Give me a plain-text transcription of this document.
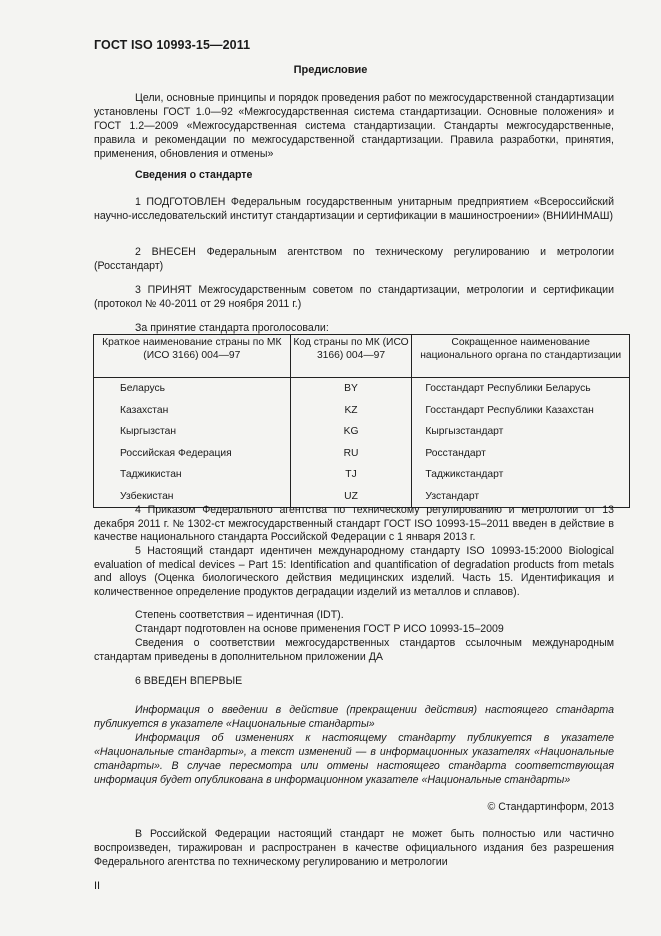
ГОСТ ISO 10993-15—2011
Предисловие
Цели, основные принципы и порядок проведения работ по межгосударственной стандартизации установлены ГОСТ 1.0—92 «Межгосударственная система стандартизации. Основные положения» и ГОСТ 1.2—2009 «Межгосударственная система стандартизации. Стандарты межгосударственные, правила и рекомендации по межгосударственной стандартизации. Правила разработки, принятия, применения, обновления и отмены»
Сведения о стандарте
1 ПОДГОТОВЛЕН Федеральным государственным унитарным предприятием «Всероссийский научно-исследовательский институт стандартизации и сертификации в машиностроении» (ВНИИНМАШ)
2 ВНЕСЕН Федеральным агентством по техническому регулированию и метрологии (Росстандарт)
3 ПРИНЯТ Межгосударственным советом по стандартизации, метрологии и сертификации (протокол № 40-2011 от 29 ноября 2011 г.)
За принятие стандарта проголосовали:
Краткое наименование страны по МК (ИСО 3166) 004—97	Код страны по МК (ИСО 3166) 004—97	Сокращенное наименование национального органа по стандартизации
Беларусь	BY	Госстандарт Республики Беларусь
Казахстан	KZ	Госстандарт Республики Казахстан
Кыргызстан	KG	Кыргызстандарт
Российская Федерация	RU	Росстандарт
Таджикистан	TJ	Таджикстандарт
Узбекистан	UZ	Узстандарт
4 Приказом Федерального агентства по техническому регулированию и метрологии от 13 декабря 2011 г. № 1302-ст межгосударственный стандарт ГОСТ ISO 10993-15–2011 введен в действие в качестве национального стандарта Российской Федерации с 1 января 2013 г.
5 Настоящий стандарт идентичен международному стандарту ISO 10993-15:2000 Biological evaluation of medical devices – Part 15: Identification and quantification of degradation products from metals and alloys (Оценка биологического действия медицинских изделий. Часть 15. Идентификация и количественное определение продуктов деградации изделий из металлов и сплавов).
Степень соответствия – идентичная (IDT).
Стандарт подготовлен на основе применения ГОСТ Р ИСО 10993-15–2009
Сведения о соответствии межгосударственных стандартов ссылочным международным стандартам приведены в дополнительном приложении ДА
6 ВВЕДЕН ВПЕРВЫЕ
Информация о введении в действие (прекращении действия) настоящего стандарта публикуется в указателе «Национальные стандарты»
Информация об изменениях к настоящему стандарту публикуется в указателе «Национальные стандарты», а текст изменений — в информационных указателях «Национальные стандарты». В случае пересмотра или отмены настоящего стандарта соответствующая информация будет опубликована в информационном указателе «Национальные стандарты»
© Стандартинформ, 2013
В Российской Федерации настоящий стандарт не может быть полностью или частично воспроизведен, тиражирован и распространен в качестве официального издания без разрешения Федерального агентства по техническому регулированию и метрологии
II
